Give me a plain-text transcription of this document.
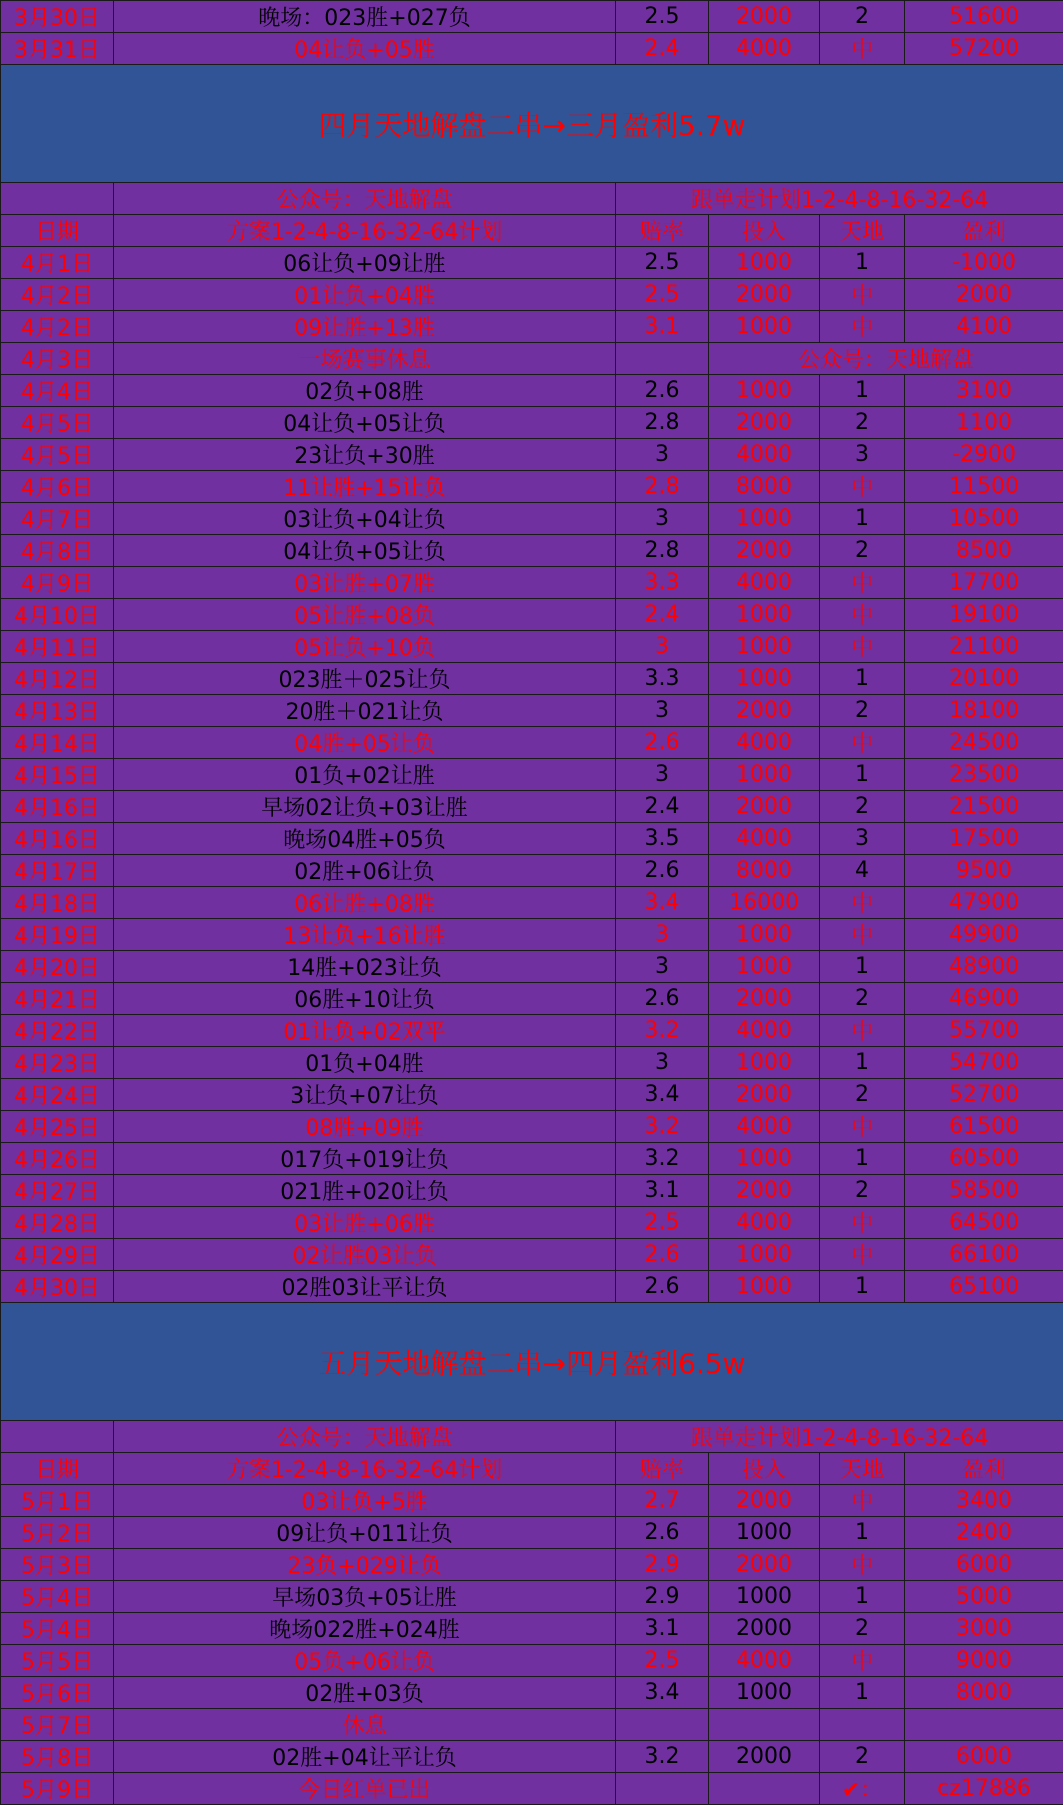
3月30日	晚场：023胜+027负	2.5	2000	2	51600
3月31日	04让负+05胜	2.4	4000	中	57200
四月天地解盘二串→三月盈利5.7w					
	公众号：天地解盘	跟单走计划1-2-4-8-16-32-64			
日期	方案1-2-4-8-16-32-64计划	赔率	投入	天地	盈利
4月1日	06让负+09让胜	2.5	1000	1	-1000
4月2日	01让负+04胜	2.5	2000	中	2000
4月2日	09让胜+13胜	3.1	1000	中	4100
4月3日	一场赛事休息		公众号：天地解盘		
4月4日	02负+08胜	2.6	1000	1	3100
4月5日	04让负+05让负	2.8	2000	2	1100
4月5日	23让负+30胜	3	4000	3	-2900
4月6日	11让胜+15让负	2.8	8000	中	11500
4月7日	03让负+04让负	3	1000	1	10500
4月8日	04让负+05让负	2.8	2000	2	8500
4月9日	03让胜+07胜	3.3	4000	中	17700
4月10日	05让胜+08负	2.4	1000	中	19100
4月11日	05让负+10负	3	1000	中	21100
4月12日	023胜＋025让负	3.3	1000	1	20100
4月13日	20胜＋021让负	3	2000	2	18100
4月14日	04胜+05让负	2.6	4000	中	24500
4月15日	01负+02让胜	3	1000	1	23500
4月16日	早场02让负+03让胜	2.4	2000	2	21500
4月16日	晚场04胜+05负	3.5	4000	3	17500
4月17日	02胜+06让负	2.6	8000	4	9500
4月18日	06让胜+08胜	3.4	16000	中	47900
4月19日	13让负+16让胜	3	1000	中	49900
4月20日	14胜+023让负	3	1000	1	48900
4月21日	06胜+10让负	2.6	2000	2	46900
4月22日	01让负+02双平	3.2	4000	中	55700
4月23日	01负+04胜	3	1000	1	54700
4月24日	3让负+07让负	3.4	2000	2	52700
4月25日	08胜+09胜	3.2	4000	中	61500
4月26日	017负+019让负	3.2	1000	1	60500
4月27日	021胜+020让负	3.1	2000	2	58500
4月28日	03让胜+06胜	2.5	4000	中	64500
4月29日	02让胜03让负	2.6	1000	中	66100
4月30日	02胜03让平让负	2.6	1000	1	65100
五月天地解盘二串→四月盈利6.5w					
	公众号：天地解盘	跟单走计划1-2-4-8-16-32-64			
日期	方案1-2-4-8-16-32-64计划	赔率	投入	天地	盈利
5月1日	03让负+5胜	2.7	2000	中	3400
5月2日	09让负+011让负	2.6	1000	1	2400
5月3日	23负+029让负	2.9	2000	中	6000
5月4日	早场03负+05让胜	2.9	1000	1	5000
5月4日	晚场022胜+024胜	3.1	2000	2	3000
5月5日	05负+06让负	2.5	4000	中	9000
5月6日	02胜+03负	3.4	1000	1	8000
5月7日	休息				
5月8日	02胜+04让平让负	3.2	2000	2	6000
5月9日	今日红单已出			✔：	cz17886
